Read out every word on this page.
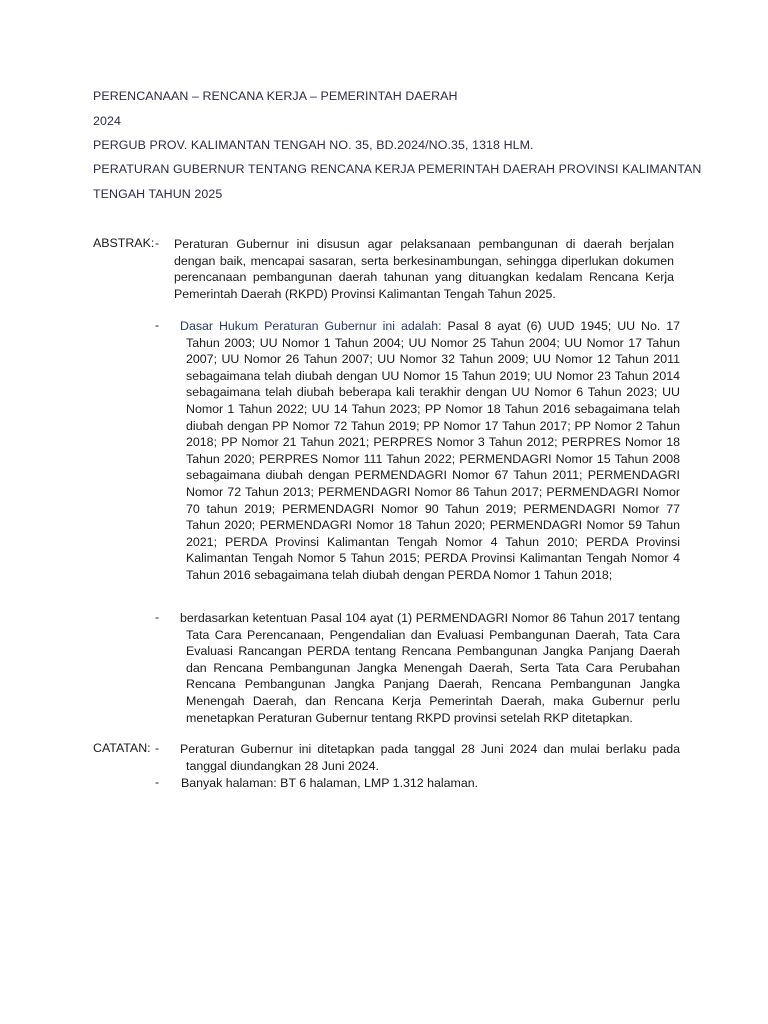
PERENCANAAN – RENCANA KERJA – PEMERINTAH DAERAH
2024
PERGUB PROV. KALIMANTAN TENGAH NO. 35, BD.2024/NO.35, 1318 HLM.
PERATURAN GUBERNUR TENTANG RENCANA KERJA PEMERINTAH DAERAH PROVINSI KALIMANTAN
TENGAH TAHUN 2025
ABSTRAK: - Peraturan Gubernur ini disusun agar pelaksanaan pembangunan di daerah berjalan dengan baik, mencapai sasaran, serta berkesinambungan, sehingga diperlukan dokumen perencanaan pembangunan daerah tahunan yang dituangkan kedalam Rencana Kerja Pemerintah Daerah (RKPD) Provinsi Kalimantan Tengah Tahun 2025.
- Dasar Hukum Peraturan Gubernur ini adalah: Pasal 8 ayat (6) UUD 1945; UU No. 17 Tahun 2003; UU Nomor 1 Tahun 2004; UU Nomor 25 Tahun 2004; UU Nomor 17 Tahun 2007; UU Nomor 26 Tahun 2007; UU Nomor 32 Tahun 2009; UU Nomor 12 Tahun 2011 sebagaimana telah diubah dengan UU Nomor 15 Tahun 2019; UU Nomor 23 Tahun 2014 sebagaimana telah diubah beberapa kali terakhir dengan UU Nomor 6 Tahun 2023; UU Nomor 1 Tahun 2022; UU 14 Tahun 2023; PP Nomor 18 Tahun 2016 sebagaimana telah diubah dengan PP Nomor 72 Tahun 2019; PP Nomor 17 Tahun 2017; PP Nomor 2 Tahun 2018; PP Nomor 21 Tahun 2021; PERPRES Nomor 3 Tahun 2012; PERPRES Nomor 18 Tahun 2020; PERPRES Nomor 111 Tahun 2022; PERMENDAGRI Nomor 15 Tahun 2008 sebagaimana diubah dengan PERMENDAGRI Nomor 67 Tahun 2011; PERMENDAGRI Nomor 72 Tahun 2013; PERMENDAGRI Nomor 86 Tahun 2017; PERMENDAGRI Nomor 70 tahun 2019; PERMENDAGRI Nomor 90 Tahun 2019; PERMENDAGRI Nomor 77 Tahun 2020; PERMENDAGRI Nomor 18 Tahun 2020; PERMENDAGRI Nomor 59 Tahun 2021; PERDA Provinsi Kalimantan Tengah Nomor 4 Tahun 2010; PERDA Provinsi Kalimantan Tengah Nomor 5 Tahun 2015; PERDA Provinsi Kalimantan Tengah Nomor 4 Tahun 2016 sebagaimana telah diubah dengan PERDA Nomor 1 Tahun 2018;
- berdasarkan ketentuan Pasal 104 ayat (1) PERMENDAGRI Nomor 86 Tahun 2017 tentang Tata Cara Perencanaan, Pengendalian dan Evaluasi Pembangunan Daerah, Tata Cara Evaluasi Rancangan PERDA tentang Rencana Pembangunan Jangka Panjang Daerah dan Rencana Pembangunan Jangka Menengah Daerah, Serta Tata Cara Perubahan Rencana Pembangunan Jangka Panjang Daerah, Rencana Pembangunan Jangka Menengah Daerah, dan Rencana Kerja Pemerintah Daerah, maka Gubernur perlu menetapkan Peraturan Gubernur tentang RKPD provinsi setelah RKP ditetapkan.
CATATAN: - Peraturan Gubernur ini ditetapkan pada tanggal 28 Juni 2024 dan mulai berlaku pada tanggal diundangkan 28 Juni 2024.
- Banyak halaman: BT 6 halaman, LMP 1.312 halaman.
